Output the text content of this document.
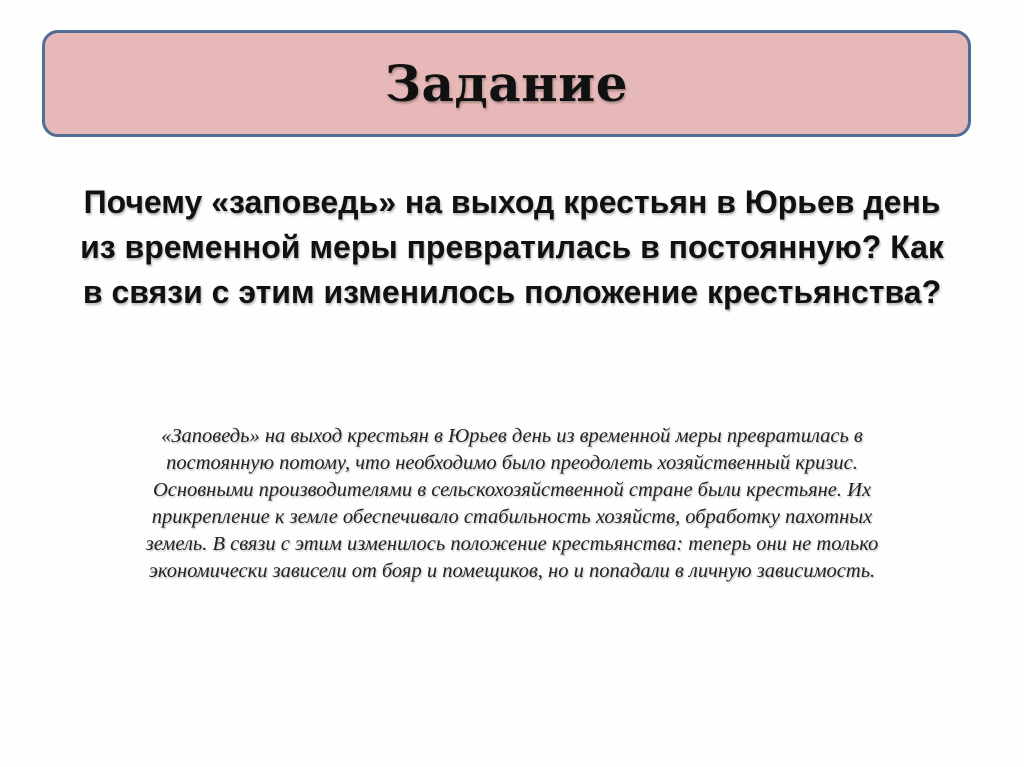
Задание

Почему «заповедь» на выход крестьян в Юрьев день
из временной меры превратилась в постоянную? Как
в связи с этим изменилось положение крестьянства?

«Заповедь» на выход крестьян в Юрьев день из временной меры превратилась в
постоянную потому, что необходимо было преодолеть хозяйственный кризис.
Основными производителями в сельскохозяйственной стране были крестьяне. Их
прикрепление к земле обеспечивало стабильность хозяйств, обработку пахотных
земель. В связи с этим изменилось положение крестьянства: теперь они не только
экономически зависели от бояр и помещиков, но и попадали в личную зависимость.
